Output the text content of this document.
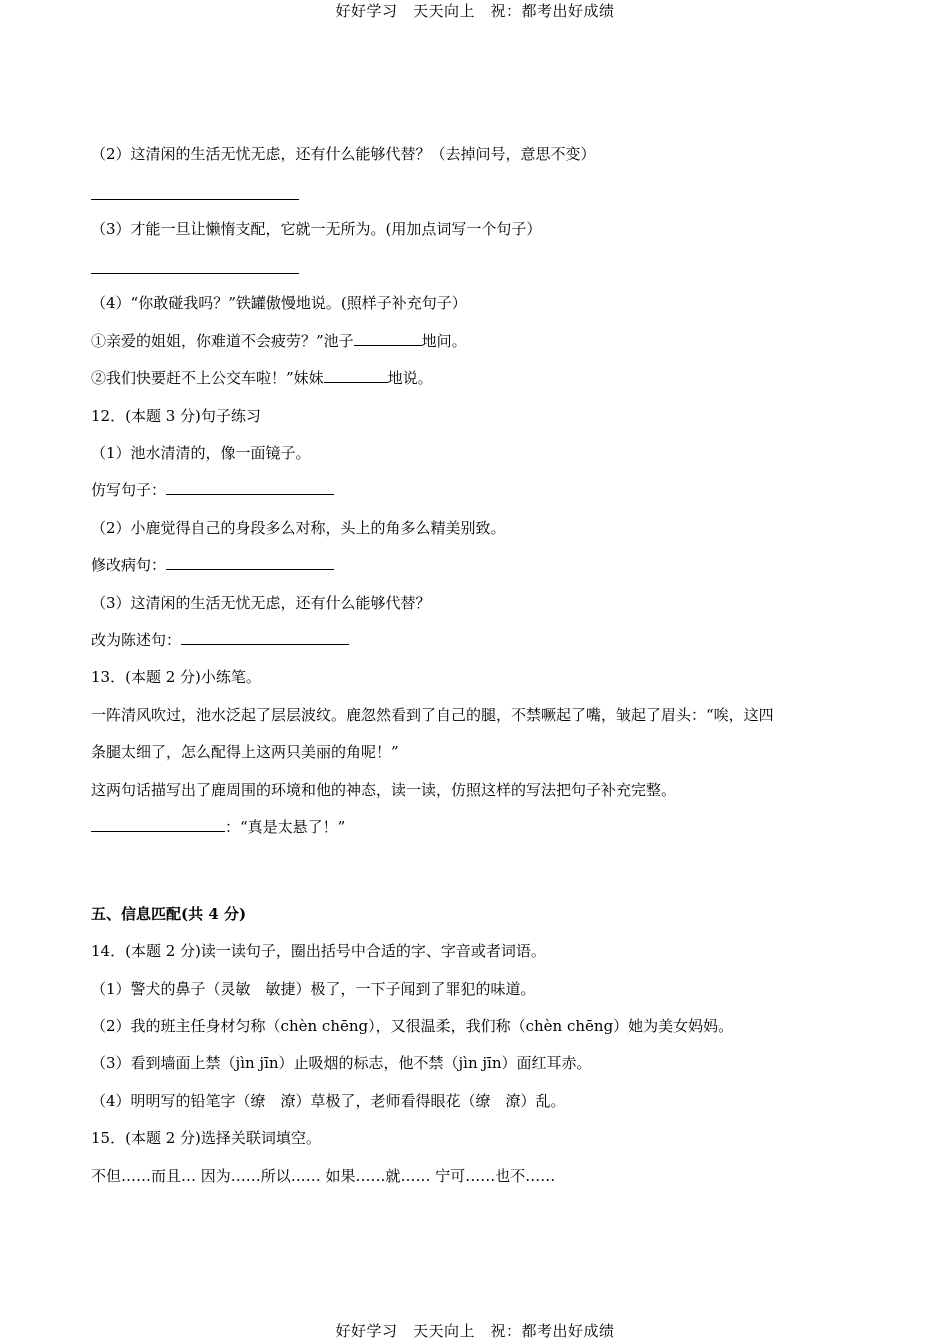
好好学习　天天向上　祝：都考出好成绩
（2）这清闲的生活无忧无虑，还有什么能够代替？（去掉问号，意思不变）
（3）才能一旦让懒惰支配，它就一无所为。(用加点词写一个句子）
（4）“你敢碰我吗？”铁罐傲慢地说。(照样子补充句子）
①亲爱的姐姐，你难道不会疲劳？”池子	地问。
②我们快要赶不上公交车啦！”妹妹	地说。
12．(本题 3 分)句子练习
（1）池水清清的，像一面镜子。
仿写句子：
（2）小鹿觉得自己的身段多么对称，头上的角多么精美别致。
修改病句：
（3）这清闲的生活无忧无虑，还有什么能够代替？
改为陈述句：
13．(本题 2 分)小练笔。
一阵清风吹过，池水泛起了层层波纹。鹿忽然看到了自己的腿，不禁噘起了嘴，皱起了眉头：“唉，这四
条腿太细了，怎么配得上这两只美丽的角呢！”
这两句话描写出了鹿周围的环境和他的神态，读一读，仿照这样的写法把句子补充完整。
：“真是太悬了！”
五、信息匹配(共 4 分)
14．(本题 2 分)读一读句子，圈出括号中合适的字、字音或者词语。
（1）警犬的鼻子（灵敏　敏捷）极了，一下子闻到了罪犯的味道。
（2）我的班主任身材匀称（chèn chēng），又很温柔，我们称（chèn chēng）她为美女妈妈。
（3）看到墙面上禁（jìn jīn）止吸烟的标志，他不禁（jìn jīn）面红耳赤。
（4）明明写的铅笔字（缭　潦）草极了，老师看得眼花（缭　潦）乱。
15．(本题 2 分)选择关联词填空。
不但……而且… 因为……所以…… 如果……就…… 宁可……也不……
好好学习　天天向上　祝：都考出好成绩
